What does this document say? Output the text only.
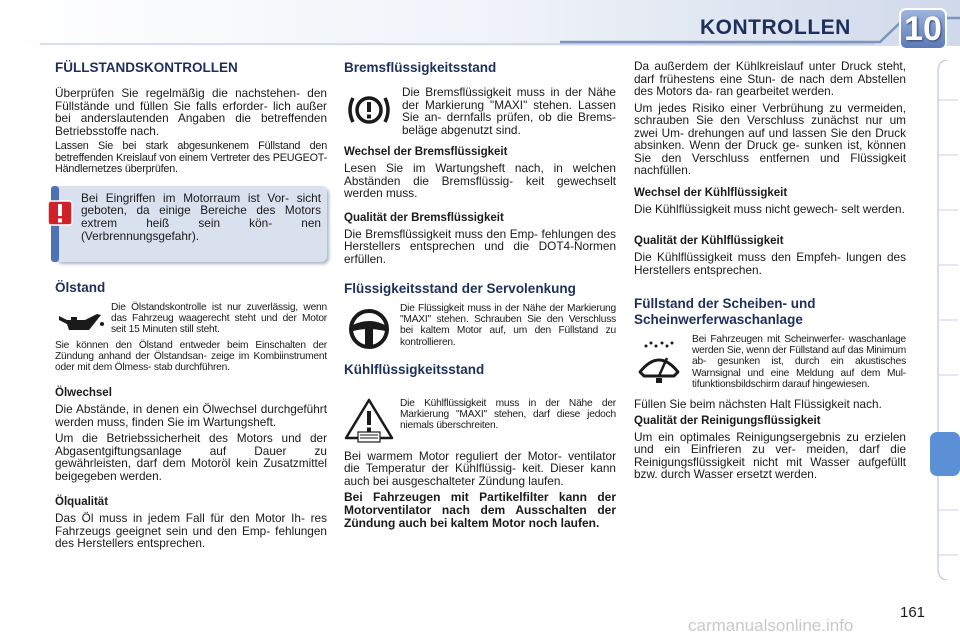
KONTROLLEN 10
FÜLLSTANDSKONTROLLEN

Überprüfen Sie regelmäßig die nachstehen- den Füllstände und füllen Sie falls erforder- lich außer bei anderslautenden Angaben die betreffenden Betriebsstoffe nach.

Lassen Sie bei stark abgesunkenem Füllstand den betreffenden Kreislauf von einem Vertreter des PEUGEOT-Händlernetzes überprüfen.

Bei Eingriffen im Motorraum ist Vor- sicht geboten, da einige Bereiche des Motors extrem heiß sein kön- nen (Verbrennungsgefahr).
Ölstand

Die Ölstandskontrolle ist nur zuverlässig, wenn das Fahrzeug waagerecht steht und der Motor seit 15 Minuten still steht.

Sie können den Ölstand entweder beim Einschalten der Zündung anhand der Ölstandsan- zeige im Kombiinstrument oder mit dem Ölmess- stab durchführen.

Ölwechsel

Die Abstände, in denen ein Ölwechsel durchgeführt werden muss, finden Sie im Wartungsheft.

Um die Betriebssicherheit des Motors und der Abgasentgiftungsanlage auf Dauer zu gewährleisten, darf dem Motoröl kein Zusatzmittel beigegeben werden.

Ölqualität

Das Öl muss in jedem Fall für den Motor Ih- res Fahrzeugs geeignet sein und den Emp- fehlungen des Herstellers entsprechen.

Bremsflüssigkeitsstand

Die Bremsflüssigkeit muss in der Nähe der Markierung "MAXI" stehen. Lassen Sie an- dernfalls prüfen, ob die Brems- beläge abgenutzt sind.

Wechsel der Bremsflüssigkeit

Lesen Sie im Wartungsheft nach, in welchen Abständen die Bremsflüssig- keit gewechselt werden muss.

Qualität der Bremsflüssigkeit

Die Bremsflüssigkeit muss den Emp- fehlungen des Herstellers entsprechen und die DOT4-Normen erfüllen.

Flüssigkeitsstand der Servolenkung

Die Flüssigkeit muss in der Nähe der Markierung "MAXI" stehen. Schrauben Sie den Verschluss bei kaltem Motor auf, um den Füllstand zu kontrollieren.

Kühlflüssigkeitsstand

Die Kühlflüssigkeit muss in der Nähe der Markierung "MAXI" stehen, darf diese jedoch niemals überschreiten.

Bei warmem Motor reguliert der Motor- ventilator die Temperatur der Kühlflüssig- keit. Dieser kann auch bei ausgeschalteter Zündung laufen.

Bei Fahrzeugen mit Partikelfilter kann der Motorventilator nach dem Ausschalten der Zündung auch bei kaltem Motor noch laufen.

Da außerdem der Kühlkreislauf unter Druck steht, darf frühestens eine Stun- de nach dem Abstellen des Motors da- ran gearbeitet werden.

Um jedes Risiko einer Verbrühung zu vermeiden, schrauben Sie den Verschluss zunächst nur um zwei Um- drehungen auf und lassen Sie den Druck absinken. Wenn der Druck ge- sunken ist, können Sie den Verschluss entfernen und Flüssigkeit nachfüllen.

Wechsel der Kühlflüssigkeit

Die Kühlflüssigkeit muss nicht gewech- selt werden.

Qualität der Kühlflüssigkeit

Die Kühlflüssigkeit muss den Empfeh- lungen des Herstellers entsprechen.

Füllstand der Scheiben- und Scheinwerferwaschanlage

Bei Fahrzeugen mit Scheinwerfer- waschanlage werden Sie, wenn der Füllstand auf das Minimum ab- gesunken ist, durch ein akustisches Warnsignal und eine Meldung auf dem Mul- tifunktionsbildschirm darauf hingewiesen.

Füllen Sie beim nächsten Halt Flüssigkeit nach.

Qualität der Reinigungsflüssigkeit

Um ein optimales Reinigungsergebnis zu erzielen und ein Einfrieren zu ver- meiden, darf die Reinigungsflüssigkeit nicht mit Wasser aufgefüllt bzw. durch Wasser ersetzt werden.

161
carmanualsonline.info
